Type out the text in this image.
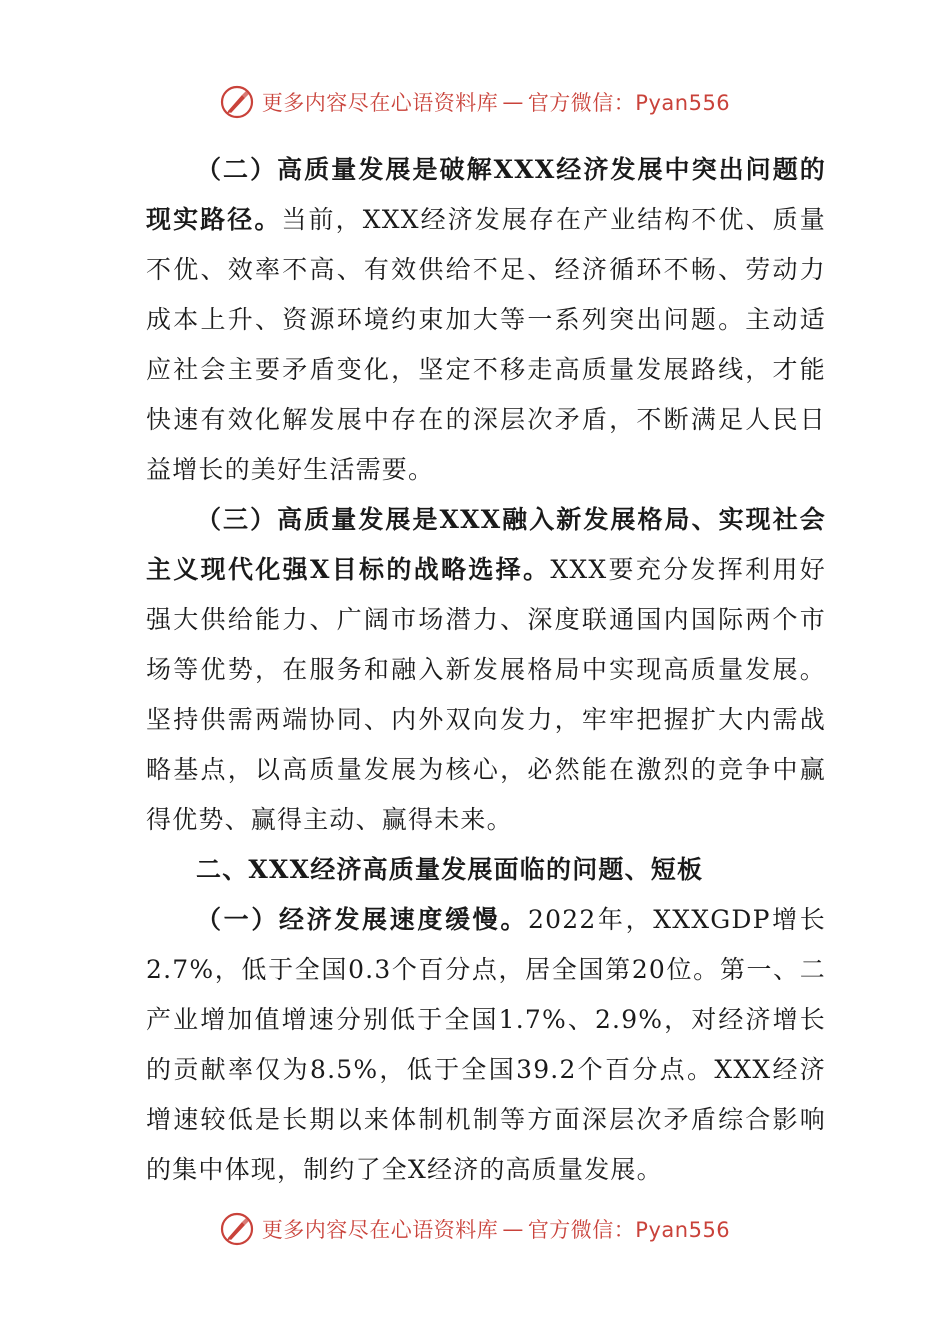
更多内容尽在心语资料库 — 官方微信：Pyan556

（二）高质量发展是破解XXX经济发展中突出问题的现实路径。当前，XXX经济发展存在产业结构不优、质量不优、效率不高、有效供给不足、经济循环不畅、劳动力成本上升、资源环境约束加大等一系列突出问题。主动适应社会主要矛盾变化，坚定不移走高质量发展路线，才能快速有效化解发展中存在的深层次矛盾，不断满足人民日益增长的美好生活需要。

（三）高质量发展是XXX融入新发展格局、实现社会主义现代化强X目标的战略选择。XXX要充分发挥利用好强大供给能力、广阔市场潜力、深度联通国内国际两个市场等优势，在服务和融入新发展格局中实现高质量发展。坚持供需两端协同、内外双向发力，牢牢把握扩大内需战略基点，以高质量发展为核心，必然能在激烈的竞争中赢得优势、赢得主动、赢得未来。

二、XXX经济高质量发展面临的问题、短板

（一）经济发展速度缓慢。2022年，XXXGDP增长2.7%，低于全国0.3个百分点，居全国第20位。第一、二产业增加值增速分别低于全国1.7%、2.9%，对经济增长的贡献率仅为8.5%，低于全国39.2个百分点。XXX经济增速较低是长期以来体制机制等方面深层次矛盾综合影响的集中体现，制约了全X经济的高质量发展。

更多内容尽在心语资料库 — 官方微信：Pyan556
